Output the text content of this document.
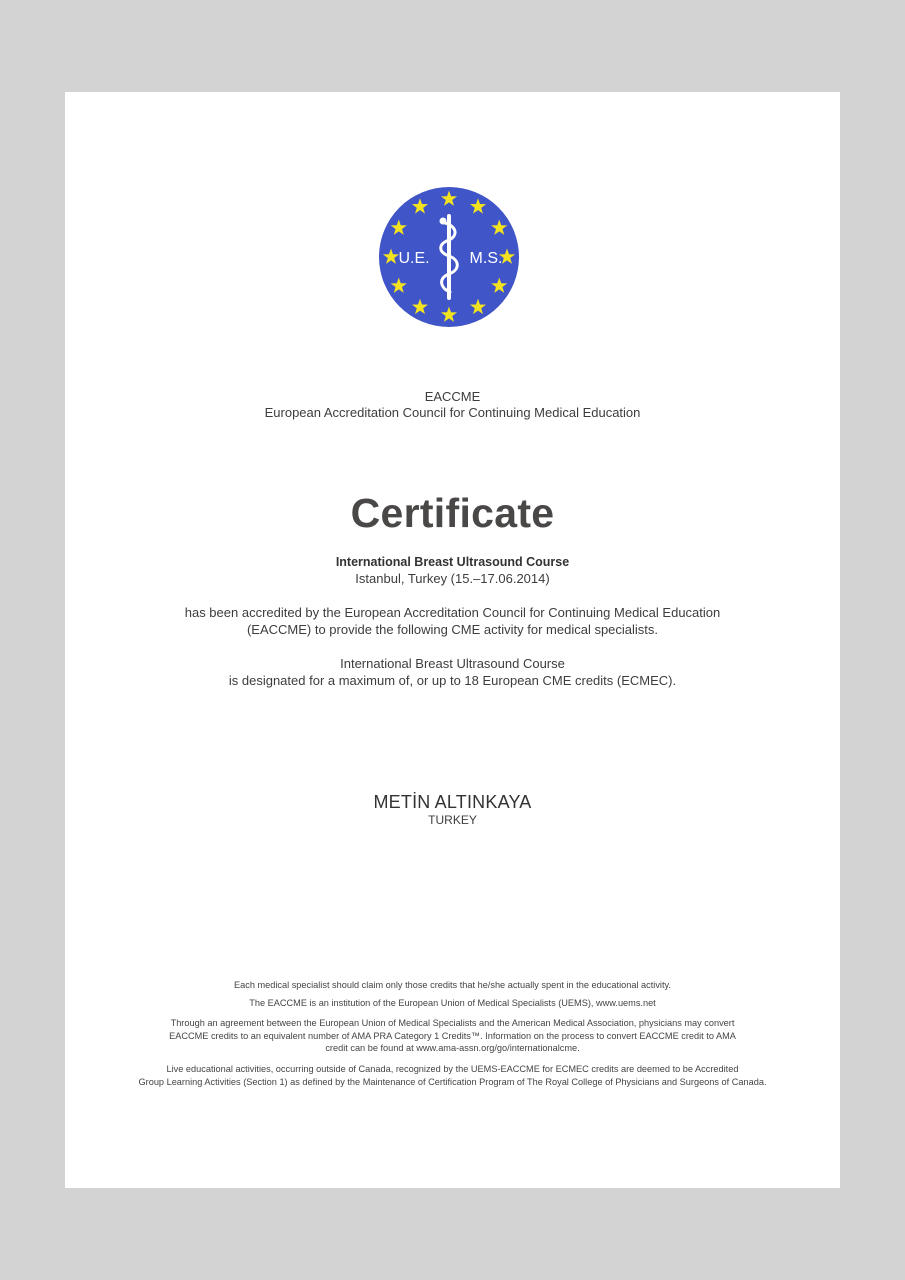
U.E. M.S.
EACCME
European Accreditation Council for Continuing Medical Education
Certificate
International Breast Ultrasound Course
Istanbul, Turkey (15.–17.06.2014)
has been accredited by the European Accreditation Council for Continuing Medical Education
(EACCME) to provide the following CME activity for medical specialists.
International Breast Ultrasound Course
is designated for a maximum of, or up to 18 European CME credits (ECMEC).
METİN ALTINKAYA
TURKEY
Each medical specialist should claim only those credits that he/she actually spent in the educational activity.
The EACCME is an institution of the European Union of Medical Specialists (UEMS), www.uems.net
Through an agreement between the European Union of Medical Specialists and the American Medical Association, physicians may convert
EACCME credits to an equivalent number of AMA PRA Category 1 Credits™. Information on the process to convert EACCME credit to AMA
credit can be found at www.ama-assn.org/go/internationalcme.
Live educational activities, occurring outside of Canada, recognized by the UEMS-EACCME for ECMEC credits are deemed to be Accredited
Group Learning Activities (Section 1) as defined by the Maintenance of Certification Program of The Royal College of Physicians and Surgeons of Canada.
